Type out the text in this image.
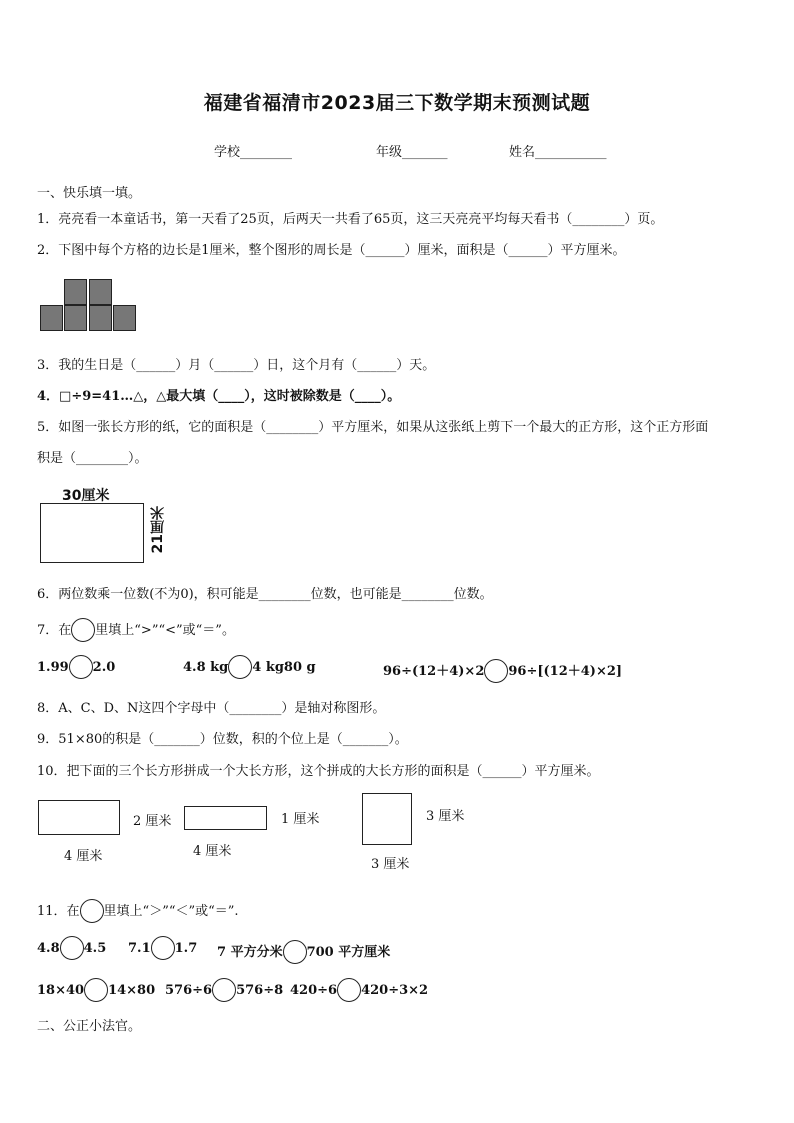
福建省福清市2023届三下数学期末预测试题
学校________	年级_______	姓名___________
一、快乐填一填。
1．亮亮看一本童话书，第一天看了25页，后两天一共看了65页，这三天亮亮平均每天看书（________）页。
2．下图中每个方格的边长是1厘米，整个图形的周长是（______）厘米，面积是（______）平方厘米。
3．我的生日是（______）月（______）日，这个月有（______）天。
4．□÷9=41…△，△最大填（____），这时被除数是（____）。
5．如图一张长方形的纸，它的面积是（________）平方厘米，如果从这张纸上剪下一个最大的正方形，这个正方形面
积是（________）。
30厘米
21厘米
6．两位数乘一位数(不为0)，积可能是________位数，也可能是________位数。
7．在 里填上“>”“<”或“＝”。
1.99 2.0	4.8 kg 4 kg80 g	96÷(12＋4)×2 96÷[(12＋4)×2]
8．A、C、D、N这四个字母中（________）是轴对称图形。
9．51×80的积是（_______）位数，积的个位上是（_______）。
10．把下面的三个长方形拼成一个大长方形，这个拼成的大长方形的面积是（______）平方厘米。
2 厘米
4 厘米
1 厘米
4 厘米
3 厘米
3 厘米
11．在 里填上“＞”“＜”或“＝”.
4.8 4.5 7.1 1.7 7 平方分米 700 平方厘米
18×40 14×80 576÷6 576÷8 420÷6 420÷3×2
二、公正小法官。
